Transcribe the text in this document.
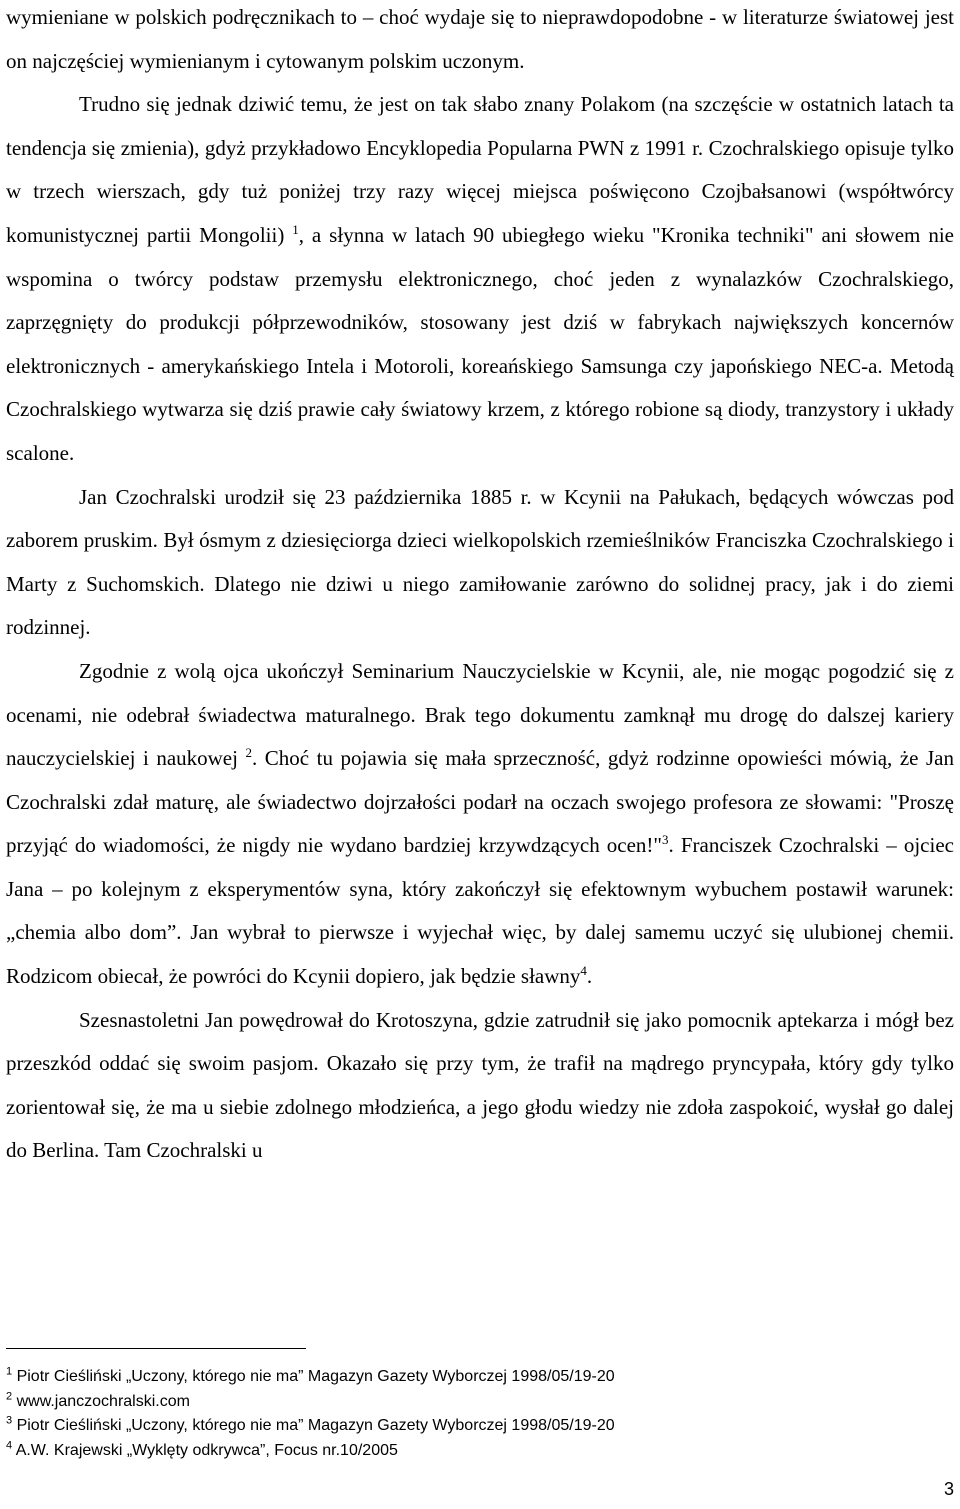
wymieniane w polskich podręcznikach to – choć wydaje się to nieprawdopodobne - w literaturze światowej jest on najczęściej wymienianym i cytowanym polskim uczonym.

Trudno się jednak dziwić temu, że jest on tak słabo znany Polakom (na szczęście w ostatnich latach ta tendencja się zmienia), gdyż przykładowo Encyklopedia Popularna PWN z 1991 r. Czochralskiego opisuje tylko w trzech wierszach, gdy tuż poniżej trzy razy więcej miejsca poświęcono Czojbałsanowi (współtwórcy komunistycznej partii Mongolii) $^1$, a słynna w latach 90 ubiegłego wieku "Kronika techniki" ani słowem nie wspomina o twórcy podstaw przemysłu elektronicznego, choć jeden z wynalazków Czochralskiego, zaprzęgnięty do produkcji półprzewodników, stosowany jest dziś w fabrykach największych koncernów elektronicznych - amerykańskiego Intela i Motoroli, koreańskiego Samsunga czy japońskiego NEC-a. Metodą Czochralskiego wytwarza się dziś prawie cały światowy krzem, z którego robione są diody, tranzystory i układy scalone.

Jan Czochralski urodził się 23 października 1885 r. w Kcynii na Pałukach, będących wówczas pod zaborem pruskim. Był ósmym z dziesięciorga dzieci wielkopolskich rzemieślników Franciszka Czochralskiego i Marty z Suchomskich. Dlatego nie dziwi u niego zamiłowanie zarówno do solidnej pracy, jak i do ziemi rodzinnej.

Zgodnie z wolą ojca ukończył Seminarium Nauczycielskie w Kcynii, ale, nie mogąc pogodzić się z ocenami, nie odebrał świadectwa maturalnego. Brak tego dokumentu zamknął mu drogę do dalszej kariery nauczycielskiej i naukowej $^2$. Choć tu pojawia się mała sprzeczność, gdyż rodzinne opowieści mówią, że Jan Czochralski zdał maturę, ale świadectwo dojrzałości podarł na oczach swojego profesora ze słowami: "Proszę przyjąć do wiadomości, że nigdy nie wydano bardziej krzywdzących ocen!"$^3$. Franciszek Czochralski – ojciec Jana – po kolejnym z eksperymentów syna, który zakończył się efektownym wybuchem postawił warunek: „chemia albo dom”. Jan wybrał to pierwsze i wyjechał więc, by dalej samemu uczyć się ulubionej chemii. Rodzicom obiecał, że powróci do Kcynii dopiero, jak będzie sławny$^4$.

Szesnastoletni Jan powędrował do Krotoszyna, gdzie zatrudnił się jako pomocnik aptekarza i mógł bez przeszkód oddać się swoim pasjom. Okazało się przy tym, że trafił na mądrego pryncypała, który gdy tylko zorientował się, że ma u siebie zdolnego młodzieńca, a jego głodu wiedzy nie zdoła zaspokoić, wysłał go dalej do Berlina. Tam Czochralski u

$^1$ Piotr Cieśliński „Uczony, którego nie ma” Magazyn Gazety Wyborczej 1998/05/19-20
$^2$ www.janczochralski.com
$^3$ Piotr Cieśliński „Uczony, którego nie ma” Magazyn Gazety Wyborczej 1998/05/19-20
$^4$ A.W. Krajewski „Wyklęty odkrywca”, Focus nr.10/2005
3
